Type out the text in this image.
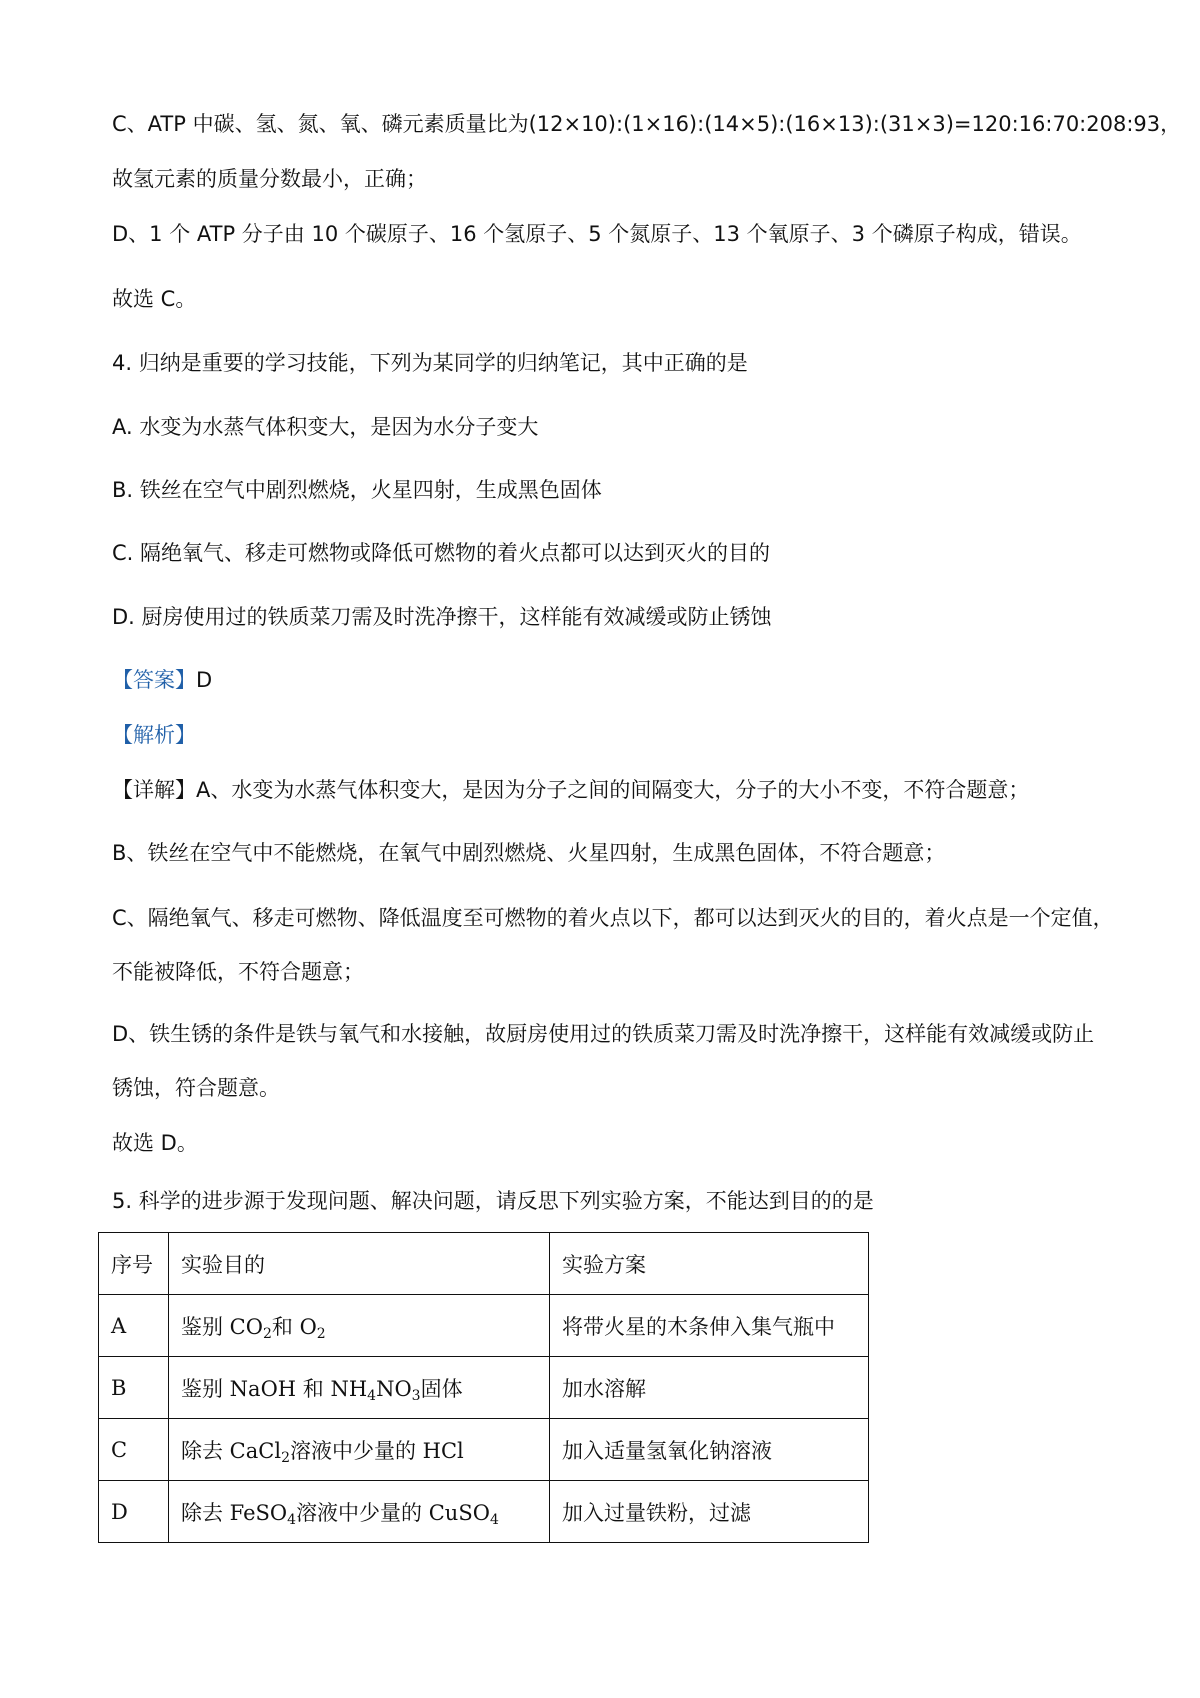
C、ATP 中碳、氢、氮、氧、磷元素质量比为(12×10):(1×16):(14×5):(16×13):(31×3)=120:16:70:208:93，
故氢元素的质量分数最小，正确；
D、1 个 ATP 分子由 10 个碳原子、16 个氢原子、5 个氮原子、13 个氧原子、3 个磷原子构成，错误。
故选 C。
4. 归纳是重要的学习技能，下列为某同学的归纳笔记，其中正确的是
A. 水变为水蒸气体积变大，是因为水分子变大
B. 铁丝在空气中剧烈燃烧，火星四射，生成黑色固体
C. 隔绝氧气、移走可燃物或降低可燃物的着火点都可以达到灭火的目的
D. 厨房使用过的铁质菜刀需及时洗净擦干，这样能有效减缓或防止锈蚀
【答案】D
【解析】
【详解】A、水变为水蒸气体积变大，是因为分子之间的间隔变大，分子的大小不变，不符合题意；
B、铁丝在空气中不能燃烧，在氧气中剧烈燃烧、火星四射，生成黑色固体，不符合题意；
C、隔绝氧气、移走可燃物、降低温度至可燃物的着火点以下，都可以达到灭火的目的，着火点是一个定值，
不能被降低，不符合题意；
D、铁生锈的条件是铁与氧气和水接触，故厨房使用过的铁质菜刀需及时洗净擦干，这样能有效减缓或防止
锈蚀，符合题意。
故选 D。
5. 科学的进步源于发现问题、解决问题，请反思下列实验方案，不能达到目的的是
序号	实验目的	实验方案
A	鉴别 $CO_2$和 $O_2$	将带火星的木条伸入集气瓶中
B	鉴别 NaOH 和 $NH_4NO_3$固体	加水溶解
C	除去 CaCl$_2$溶液中少量的 HCl	加入适量氢氧化钠溶液
D	除去 FeSO$_4$溶液中少量的 CuSO$_4$	加入过量铁粉，过滤
